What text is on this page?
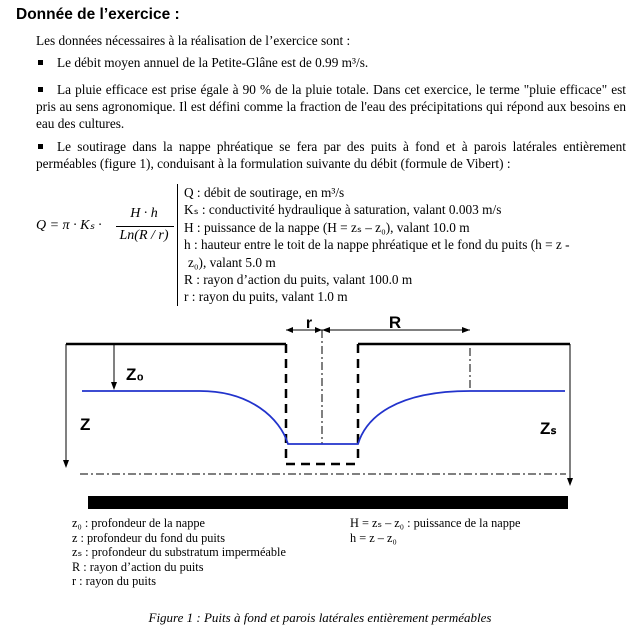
Donnée de l’exercice :
Les données nécessaires à la réalisation de l’exercice sont :
Le débit moyen annuel de la Petite-Glâne est de 0.99 m³/s.
La pluie efficace est prise égale à 90 % de la pluie totale. Dans cet exercice, le terme "pluie efficace" est pris au sens agronomique. Il est défini comme la fraction de l'eau des précipitations qui répond aux besoins en eau des cultures.
Le soutirage dans la nappe phréatique se fera par des puits à fond et à parois latérales entièrement perméables (figure 1), conduisant à la formulation suivante du débit (formule de Vibert) :
Q = π · Kₛ ·
H · h
Ln(R / r)
Q : débit de soutirage, en m³/s
Kₛ : conductivité hydraulique à saturation, valant 0.003 m/s
H : puissance de la nappe (H = zₛ – z₀), valant 10.0 m
h : hauteur entre le toit de la nappe phréatique et le fond du puits (h = z -
z₀), valant 5.0 m
R : rayon d’action du puits, valant 100.0 m
r : rayon du puits, valant 1.0 m
r	R
Z₀
Z	Zₛ
z₀ : profondeur de la nappe
z : profondeur du fond du puits
zₛ : profondeur du substratum imperméable
R : rayon d’action du puits
r : rayon du puits
H = zₛ – z₀ : puissance de la nappe
h = z – z₀
Figure 1 : Puits à fond et parois latérales entièrement perméables
